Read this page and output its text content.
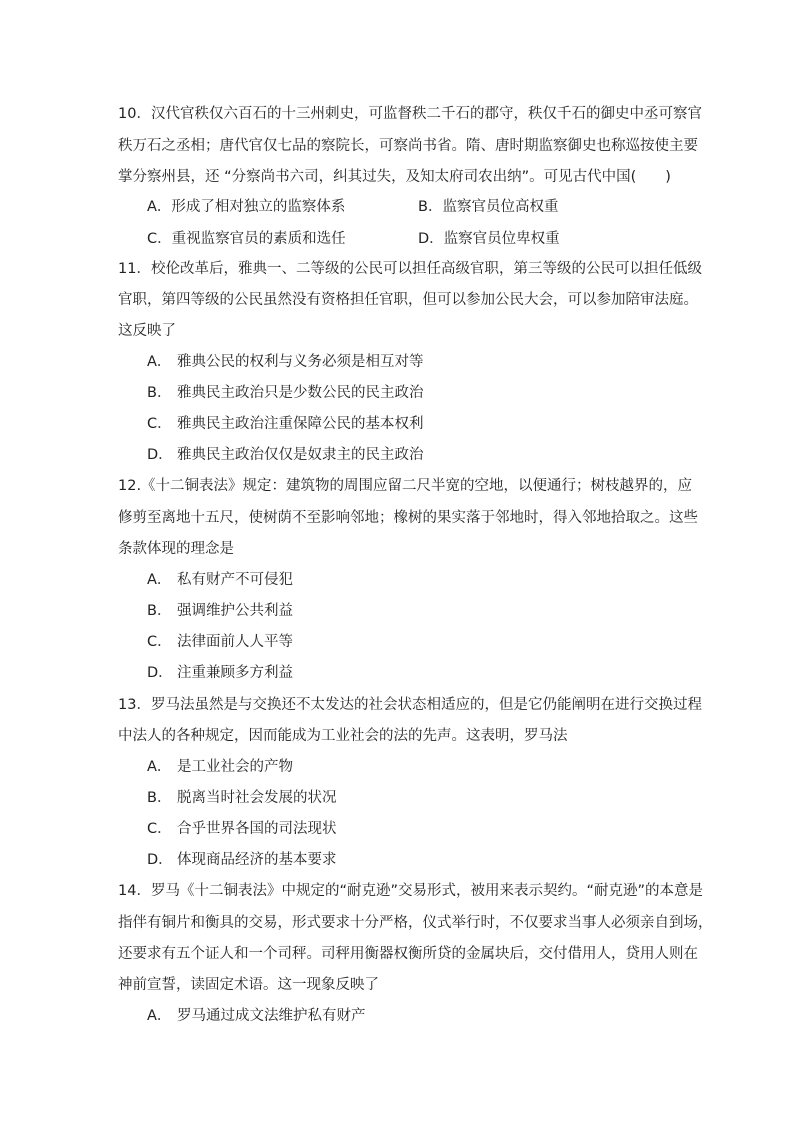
10．汉代官秩仅六百石的十三州刺史，可监督秩二千石的郡守，秩仅千石的御史中丞可察官
秩万石之丞相；唐代官仅七品的察院长，可察尚书省。隋、唐时期监察御史也称巡按使主要
掌分察州县，还 “分察尚书六司，纠其过失，及知太府司农出纳”。可见古代中国(　　)
A．形成了相对独立的监察体系	B．监察官员位高权重
C．重视监察官员的素质和选任	D．监察官员位卑权重
11．校伦改革后，雅典一、二等级的公民可以担任高级官职，第三等级的公民可以担任低级
官职，第四等级的公民虽然没有资格担任官职，但可以参加公民大会，可以参加陪审法庭。
这反映了
A． 雅典公民的权利与义务必须是相互对等
B． 雅典民主政治只是少数公民的民主政治
C． 雅典民主政治注重保障公民的基本权利
D． 雅典民主政治仅仅是奴隶主的民主政治
12.《十二铜表法》规定：建筑物的周围应留二尺半宽的空地，以便通行；树枝越界的，应
修剪至离地十五尺，使树荫不至影响邻地；橡树的果实落于邻地时，得入邻地拾取之。这些
条款体现的理念是
A． 私有财产不可侵犯
B． 强调维护公共利益
C． 法律面前人人平等
D． 注重兼顾多方利益
13．罗马法虽然是与交换还不太发达的社会状态相适应的，但是它仍能阐明在进行交换过程
中法人的各种规定，因而能成为工业社会的法的先声。这表明，罗马法
A． 是工业社会的产物
B． 脱离当时社会发展的状况
C． 合乎世界各国的司法现状
D． 体现商品经济的基本要求
14．罗马《十二铜表法》中规定的“耐克逊”交易形式，被用来表示契约。“耐克逊”的本意是
指伴有铜片和衡具的交易，形式要求十分严格，仪式举行时，不仅要求当事人必须亲自到场，
还要求有五个证人和一个司秤。司秤用衡器权衡所贷的金属块后，交付借用人，贷用人则在
神前宣誓，读固定术语。这一现象反映了
A． 罗马通过成文法维护私有财产
